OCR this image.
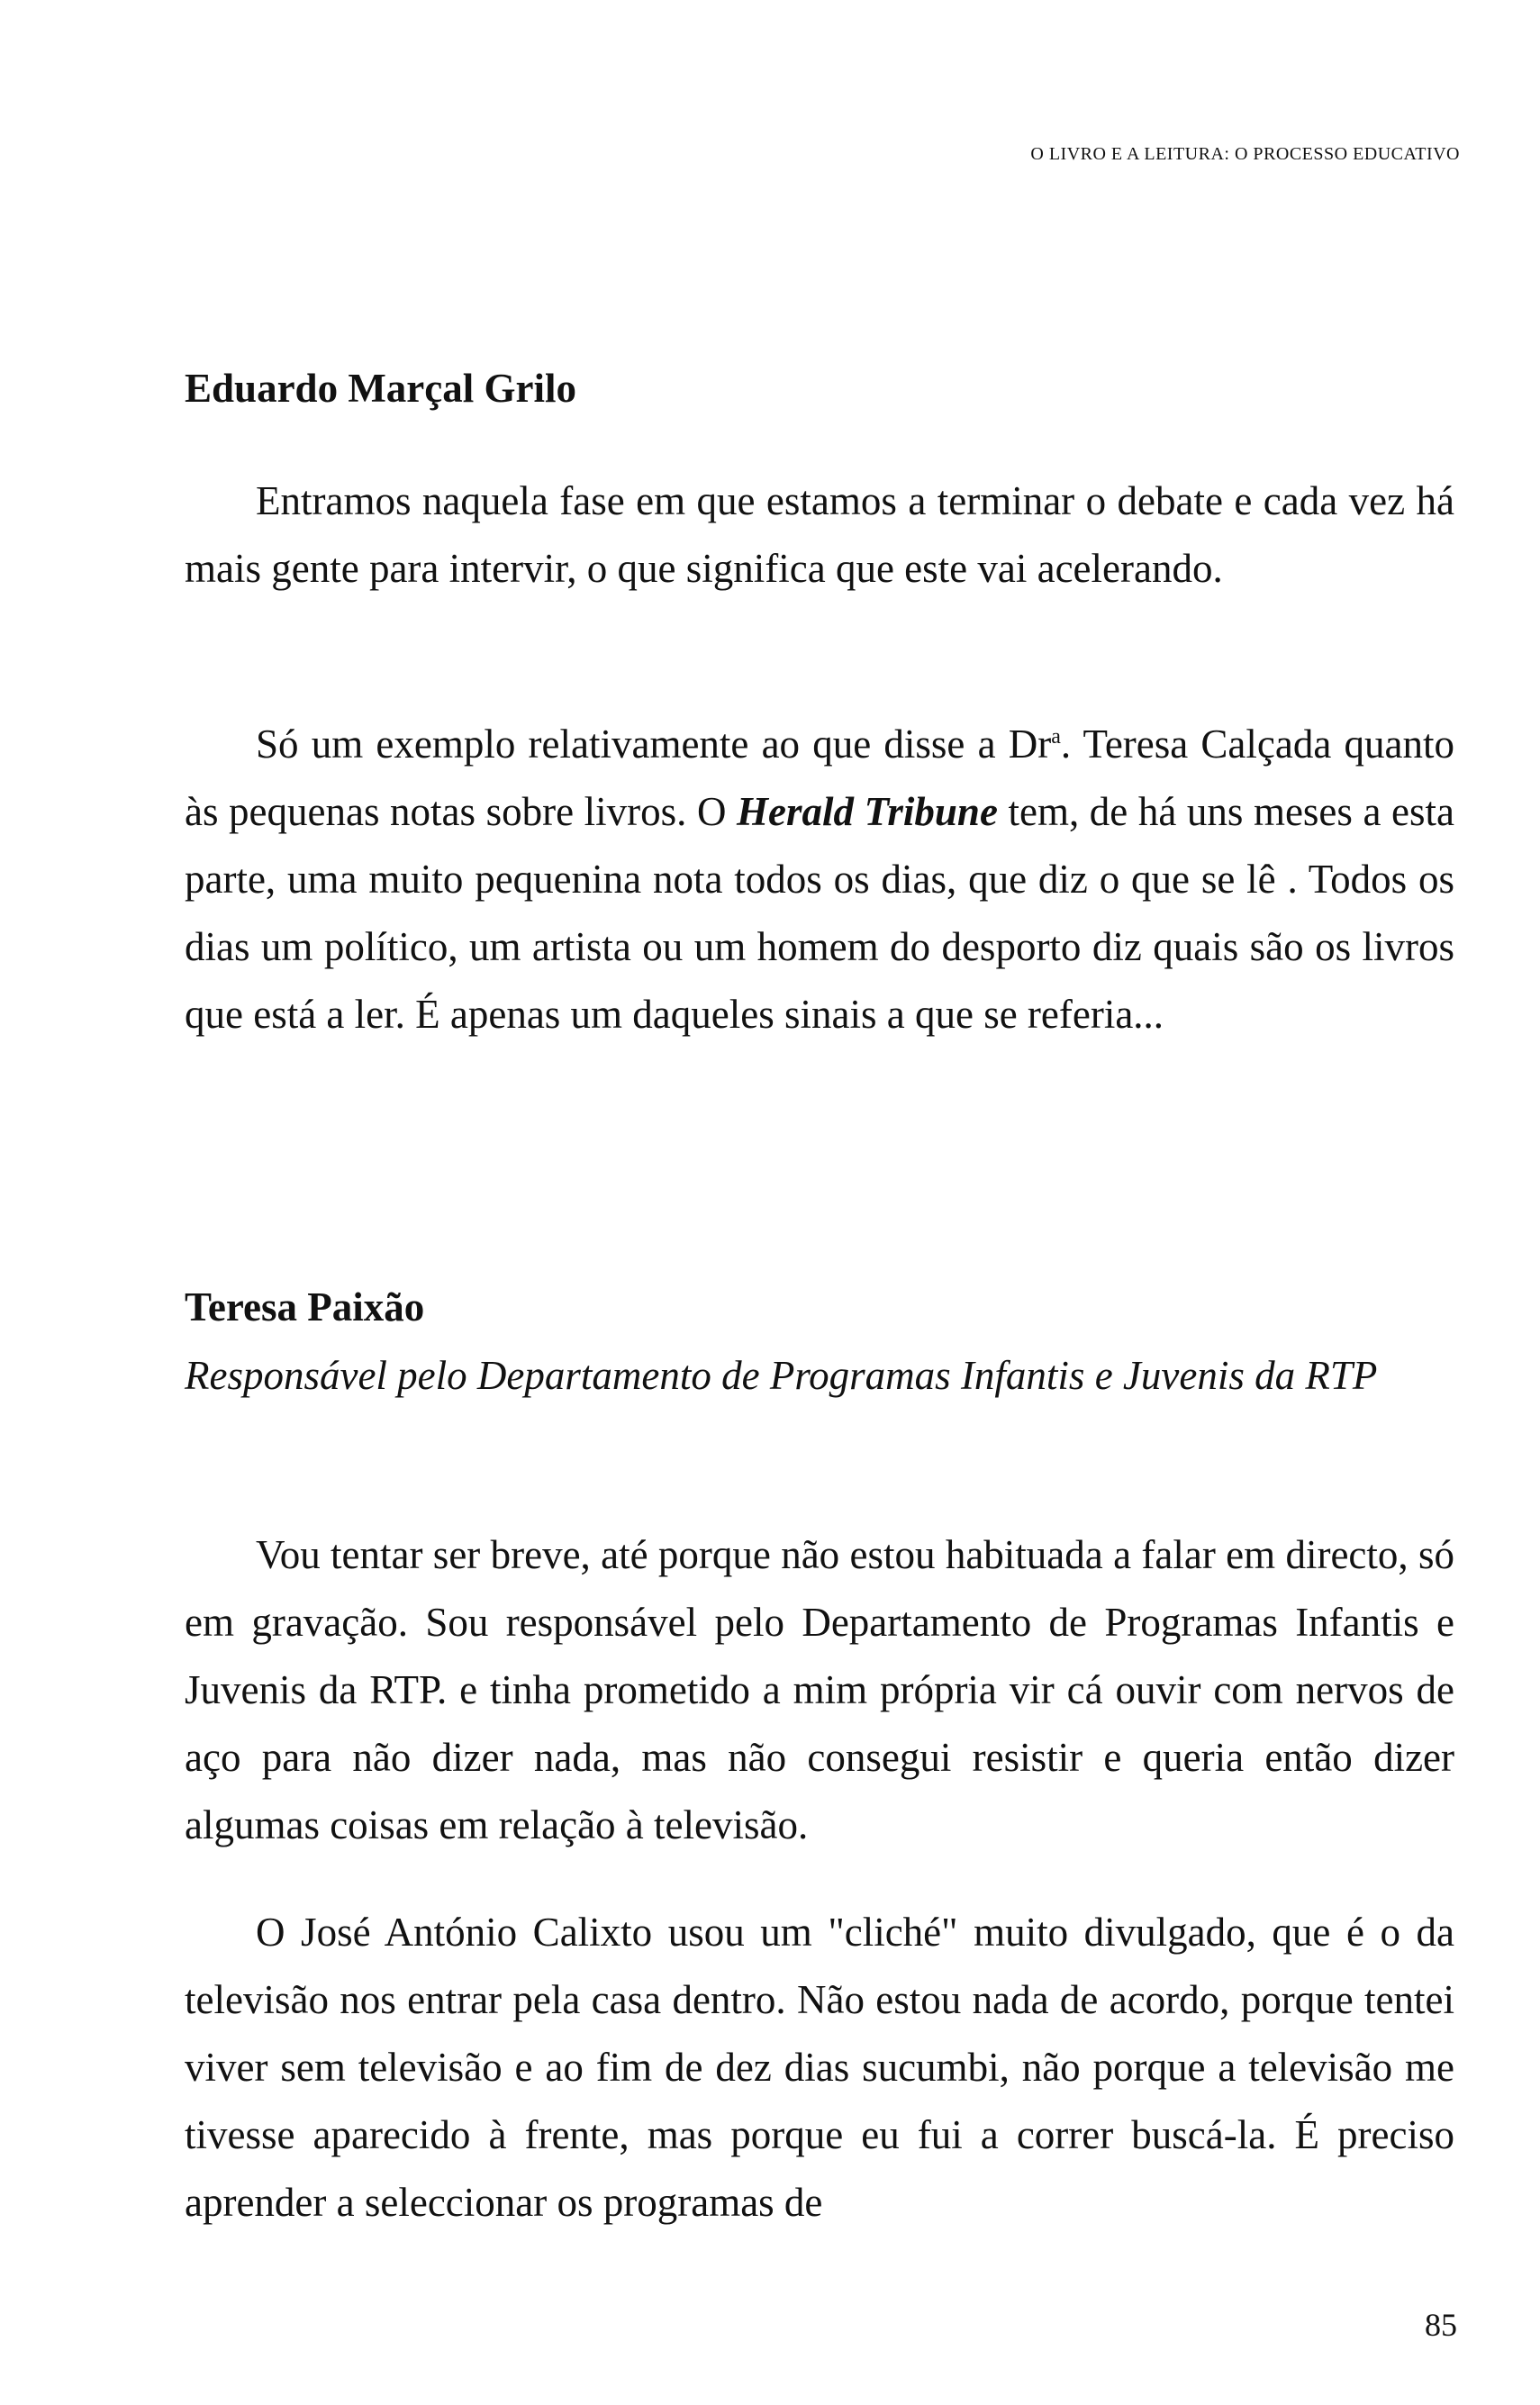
O LIVRO E A LEITURA: O PROCESSO EDUCATIVO

Eduardo Marçal Grilo

Entramos naquela fase em que estamos a terminar o debate e cada vez há mais gente para intervir, o que significa que este vai acelerando.

Só um exemplo relativamente ao que disse a Dr$^a$. Teresa Calçada quanto às pequenas notas sobre livros. O Herald Tribune tem, de há uns meses a esta parte, uma muito pequenina nota todos os dias, que diz o que se lê . Todos os dias um político, um artista ou um homem do desporto diz quais são os livros que está a ler. É apenas um daqueles sinais a que se referia...

Teresa Paixão

Responsável pelo Departamento de Programas Infantis e Juvenis da RTP

Vou tentar ser breve, até porque não estou habituada a falar em directo, só em gravação. Sou responsável pelo Departamento de Programas Infantis e Juvenis da RTP. e tinha prometido a mim própria vir cá ouvir com nervos de aço para não dizer nada, mas não consegui resistir e queria então dizer algumas coisas em relação à televisão.

O José António Calixto usou um "cliché" muito divulgado, que é o da televisão nos entrar pela casa dentro. Não estou nada de acordo, porque tentei viver sem televisão e ao fim de dez dias sucumbi, não porque a televisão me tivesse aparecido à frente, mas porque eu fui a correr buscá-la. É preciso aprender a seleccionar os programas de

85
